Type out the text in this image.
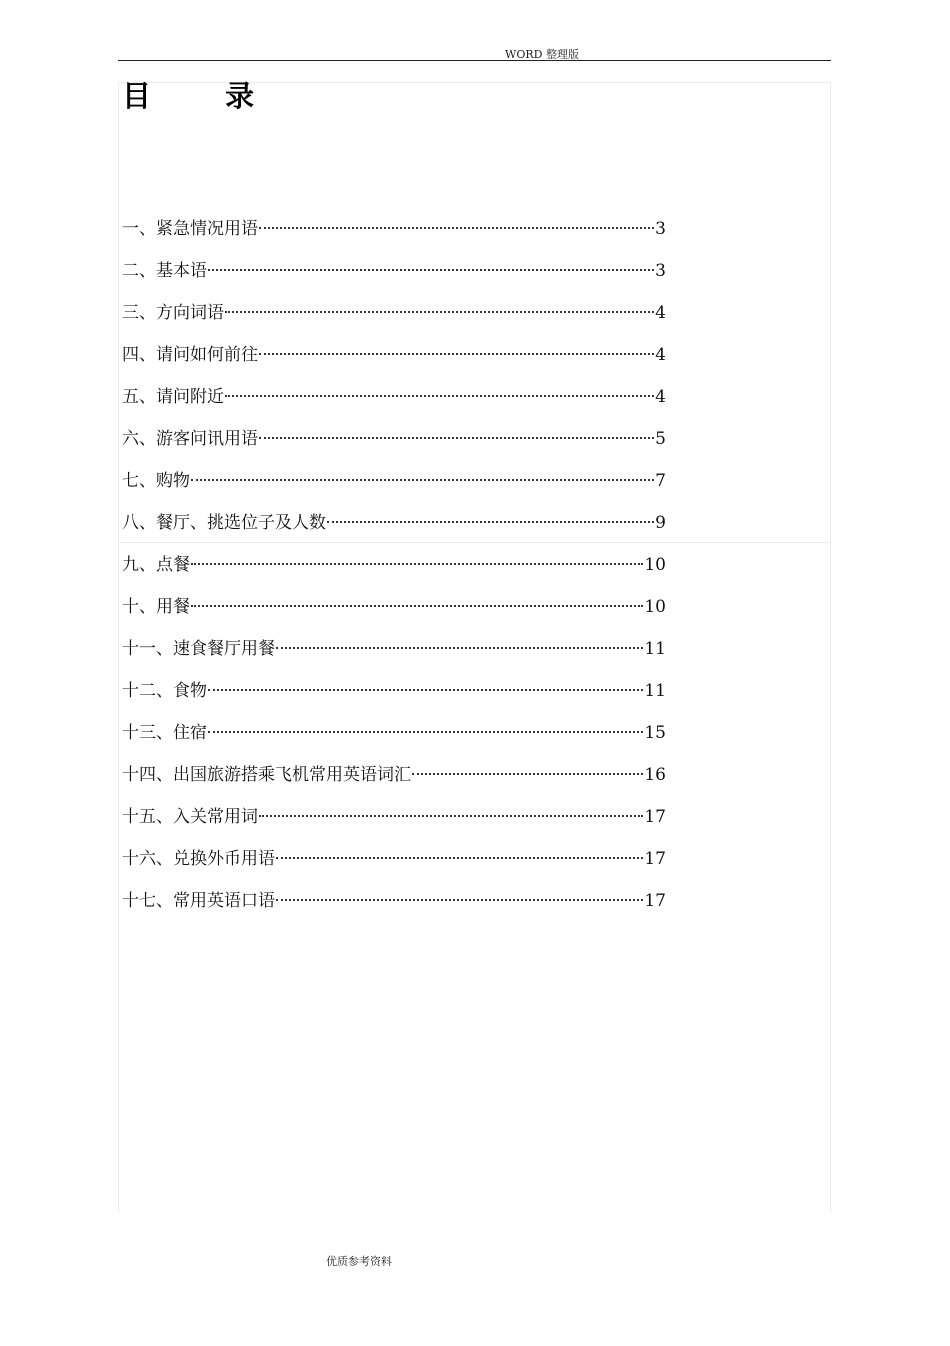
WORD 整理版
目 录
一、紧急情况用语	3
二、基本语	3
三、方向词语	4
四、请问如何前往	4
五、请问附近	4
六、游客问讯用语	5
七、购物	7
八、餐厅、挑选位子及人数	9
九、点餐	10
十、用餐	10
十一、速食餐厅用餐	11
十二、食物	11
十三、住宿	15
十四、出国旅游搭乘飞机常用英语词汇	16
十五、入关常用词	17
十六、兑换外币用语	17
十七、常用英语口语	17
优质参考资料
